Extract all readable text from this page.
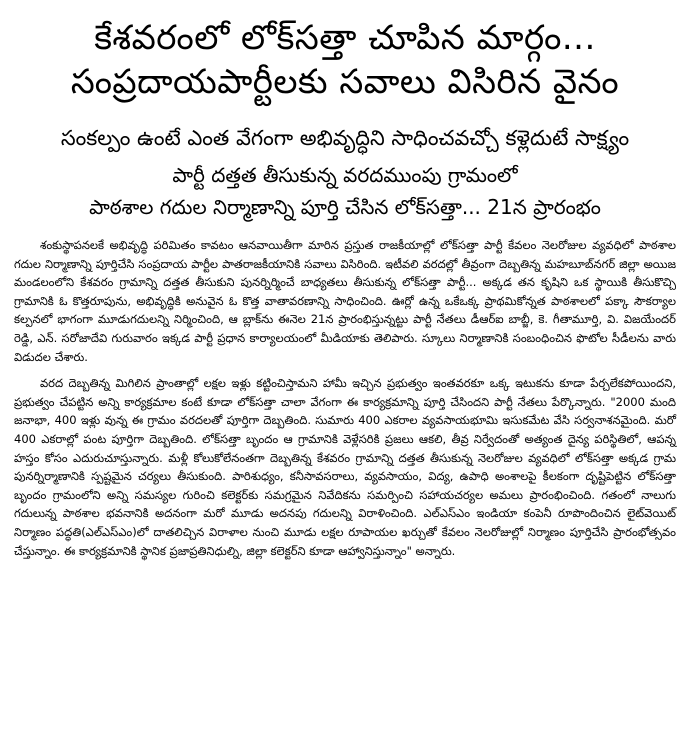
కేశవరంలో లోక్‌సత్తా చూపిన మార్గం...
సంప్రదాయపార్టీలకు సవాలు విసిరిన వైనం
సంకల్పం ఉంటే ఎంత వేగంగా అభివృద్ధిని సాధించవచ్చో కళ్లెదుటే సాక్ష్యం
పార్టీ దత్తత తీసుకున్న వరదముంపు గ్రామంలో
పాఠశాల గదుల నిర్మాణాన్ని పూర్తి చేసిన లోక్‌సత్తా... 21న ప్రారంభం

శంకుస్థాపనలకే అభివృద్ధి పరిమితం కావటం ఆనవాయితీగా మారిన ప్రస్తుత రాజకీయాల్లో లోక్‌సత్తా పార్టీ కేవలం నెలరోజుల వ్యవధిలో పాఠశాల గదుల నిర్మాణాన్ని పూర్తిచేసి సంప్రదాయ పార్టీల పాతరాజకీయానికి సవాలు విసిరింది. ఇటీవలి వరదల్లో తీవ్రంగా దెబ్బతిన్న మహబూబ్‌నగర్ జిల్లా అయిజ మండలంలోని కేశవరం గ్రామాన్ని దత్తత తీసుకుని పునర్నిర్మించే బాధ్యతలు తీసుకున్న లోక్‌సత్తా పార్టీ... అక్కడ తన కృషిని ఒక స్థాయికి తీసుకొచ్చి గ్రామానికి ఓ కొత్తరూపును, అభివృద్ధికి అనువైన ఓ కొత్త వాతావరణాన్ని సాధించింది. ఊర్లో ఉన్న ఒకేఒక్క ప్రాథమికోన్నత పాఠశాలలో పక్కా సౌకర్యాల కల్పనలో భాగంగా మూడుగదులన్ని నిర్మించింది, ఆ బ్లాక్‌ను ఈనెల 21న ప్రారంభిస్తున్నట్టు పార్టీ నేతలు డీఆర్ఐ బాబ్జీ, కె. గీతామూర్తి, వి. విజయేందర్ రెడ్డి, ఎన్. సరోజాదేవి గురువారం ఇక్కడ పార్టీ ప్రధాన కార్యాలయంలో మీడియాకు తెలిపారు. స్కూలు నిర్మాణానికి సంబంధించిన ఫొటోల సీడీలను వారు విడుదల చేశారు.

వరద దెబ్బతిన్న మిగిలిన ప్రాంతాల్లో లక్షల ఇళ్లు కట్టించిస్తామని హామీ ఇచ్చిన ప్రభుత్వం ఇంతవరకూ ఒక్క ఇటుకను కూడా పేర్చలేకపోయిందని, ప్రభుత్వం చేపట్టిన అన్ని కార్యక్రమాల కంటే కూడా లోక్‌సత్తా చాలా వేగంగా ఈ కార్యక్రమాన్ని పూర్తి చేసిందని పార్టీ నేతలు పేర్కొన్నారు. "2000 మంది జనాభా, 400 ఇళ్లు వున్న ఈ గ్రామం వరదలతో పూర్తిగా దెబ్బతింది. సుమారు 400 ఎకరాల వ్యవసాయభూమి ఇసుకమేట వేసి సర్వనాశనమైంది. మరో 400 ఎకరాల్లో పంట పూర్తిగా దెబ్బతింది. లోక్‌సత్తా బృందం ఆ గ్రామానికి వెళ్లేసరికి ప్రజలు ఆకలి, తీవ్ర నిర్వేదంతో అత్యంత దైన్య పరిస్థితిలో, ఆపన్న హస్తం కోసం ఎదురుచూస్తున్నారు. మళ్లీ కోలుకోలేనంతగా దెబ్బతిన్న కేశవరం గ్రామాన్ని దత్తత తీసుకున్న నెలరోజుల వ్యవధిలో లోక్‌సత్తా అక్కడ గ్రామ పునర్నిర్మాణానికి స్పష్టమైన చర్యలు తీసుకుంది. పారిశుధ్యం, కనీసావసరాలు, వ్యవసాయం, విద్య, ఉపాధి అంశాలపై కీలకంగా దృష్టిపెట్టిన లోక్‌సత్తా బృందం గ్రామంలోని అన్ని సమస్యల గురించి కలెక్టర్‌కు సమగ్రమైన నివేదికను సమర్పించి సహాయచర్యల అమలు ప్రారంభించింది. గతంలో నాలుగు గదులున్న పాఠశాల భవనానికి అదనంగా మరో మూడు అదనపు గదులన్ని విరాళించింది. ఎల్ఎస్ఎం ఇండియా కంపెనీ రూపొందించిన లైట్‌వెయిట్ నిర్మాణం పద్ధతి(ఎల్ఎస్ఎం)లో దాతలిచ్చిన విరాళాల నుంచి మూడు లక్షల రూపాయల ఖర్చుతో కేవలం నెలరోజుల్లో నిర్మాణం పూర్తిచేసి ప్రారంభోత్సవం చేస్తున్నాం. ఈ కార్యక్రమానికి స్థానిక ప్రజాప్రతినిధుల్ని, జిల్లా కలెక్టర్‌ని కూడా ఆహ్వానిస్తున్నాం" అన్నారు.
